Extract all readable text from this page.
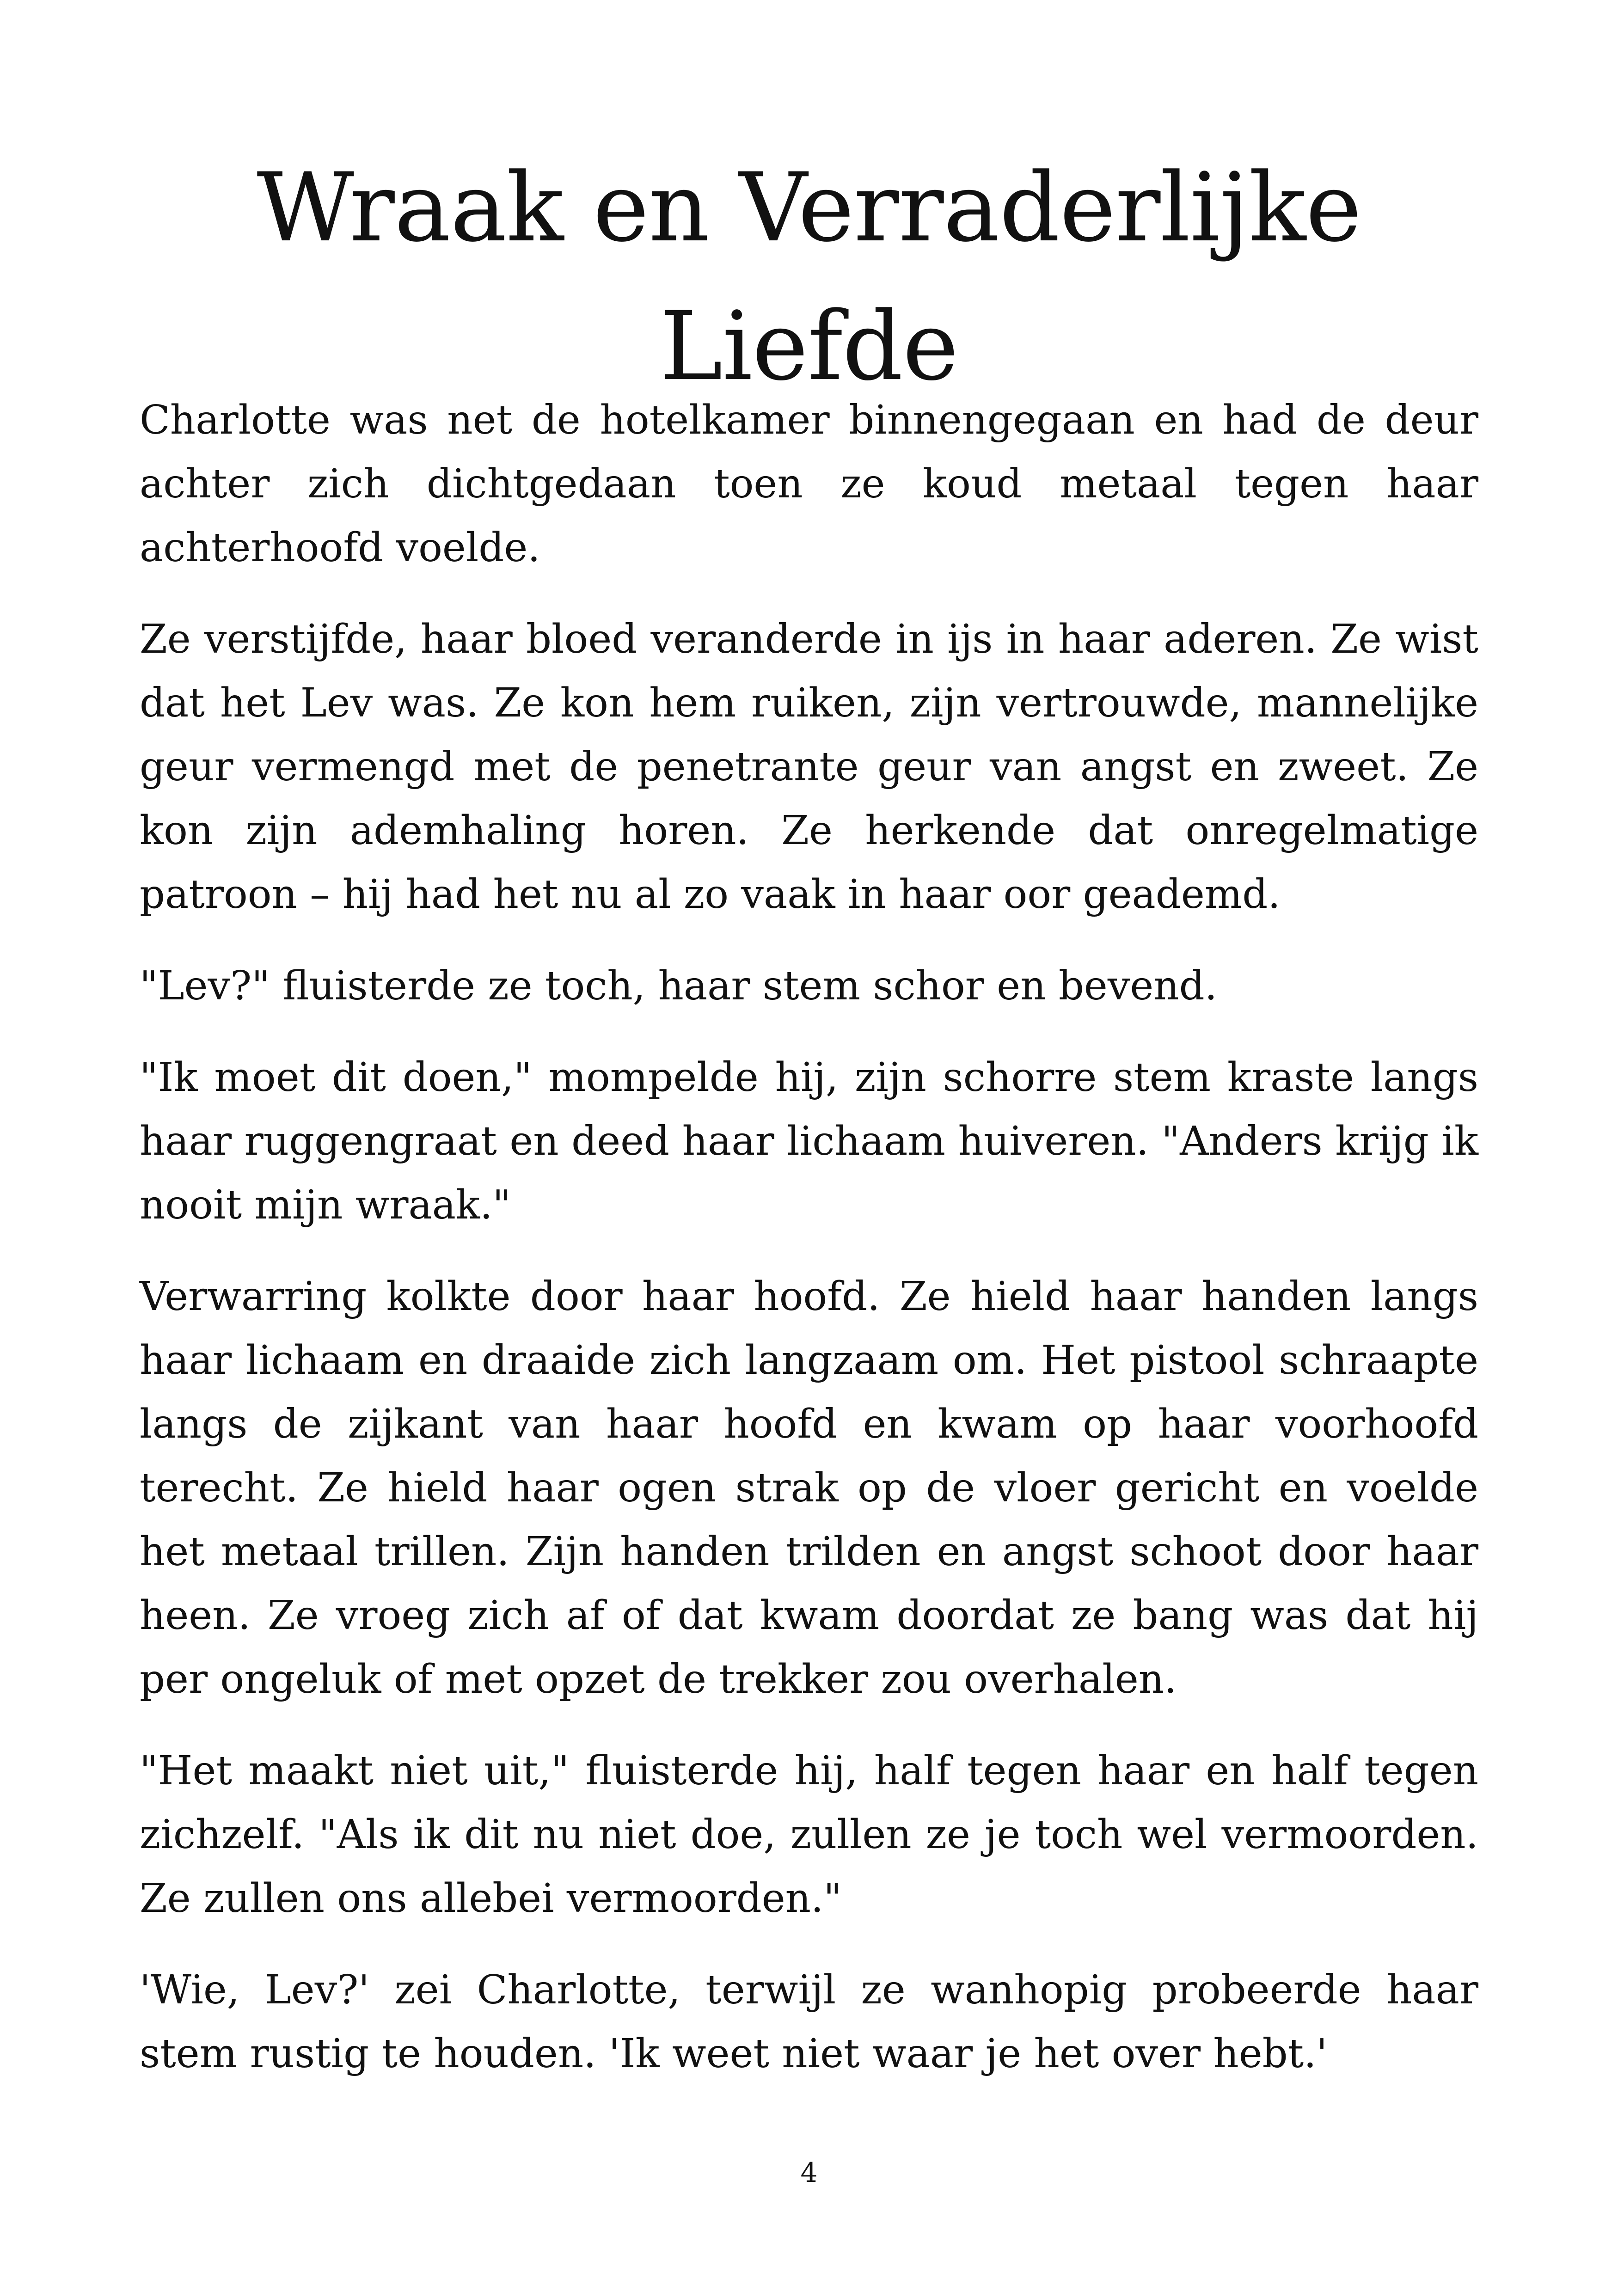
Wraak en Verraderlijke Liefde

Charlotte was net de hotelkamer binnengegaan en had de deur achter zich dichtgedaan toen ze koud metaal tegen haar achterhoofd voelde.

Ze verstijfde, haar bloed veranderde in ijs in haar aderen. Ze wist dat het Lev was. Ze kon hem ruiken, zijn vertrouwde, mannelijke geur vermengd met de penetrante geur van angst en zweet. Ze kon zijn ademhaling horen. Ze herkende dat onregelmatige patroon – hij had het nu al zo vaak in haar oor geademd.

"Lev?" fluisterde ze toch, haar stem schor en bevend.

"Ik moet dit doen," mompelde hij, zijn schorre stem kraste langs haar ruggengraat en deed haar lichaam huiveren. "Anders krijg ik nooit mijn wraak."

Verwarring kolkte door haar hoofd. Ze hield haar handen langs haar lichaam en draaide zich langzaam om. Het pistool schraapte langs de zijkant van haar hoofd en kwam op haar voorhoofd terecht. Ze hield haar ogen strak op de vloer gericht en voelde het metaal trillen. Zijn handen trilden en angst schoot door haar heen. Ze vroeg zich af of dat kwam doordat ze bang was dat hij per ongeluk of met opzet de trekker zou overhalen.

"Het maakt niet uit," fluisterde hij, half tegen haar en half tegen zichzelf. "Als ik dit nu niet doe, zullen ze je toch wel vermoorden. Ze zullen ons allebei vermoorden."

'Wie, Lev?' zei Charlotte, terwijl ze wanhopig probeerde haar stem rustig te houden. 'Ik weet niet waar je het over hebt.'

4
